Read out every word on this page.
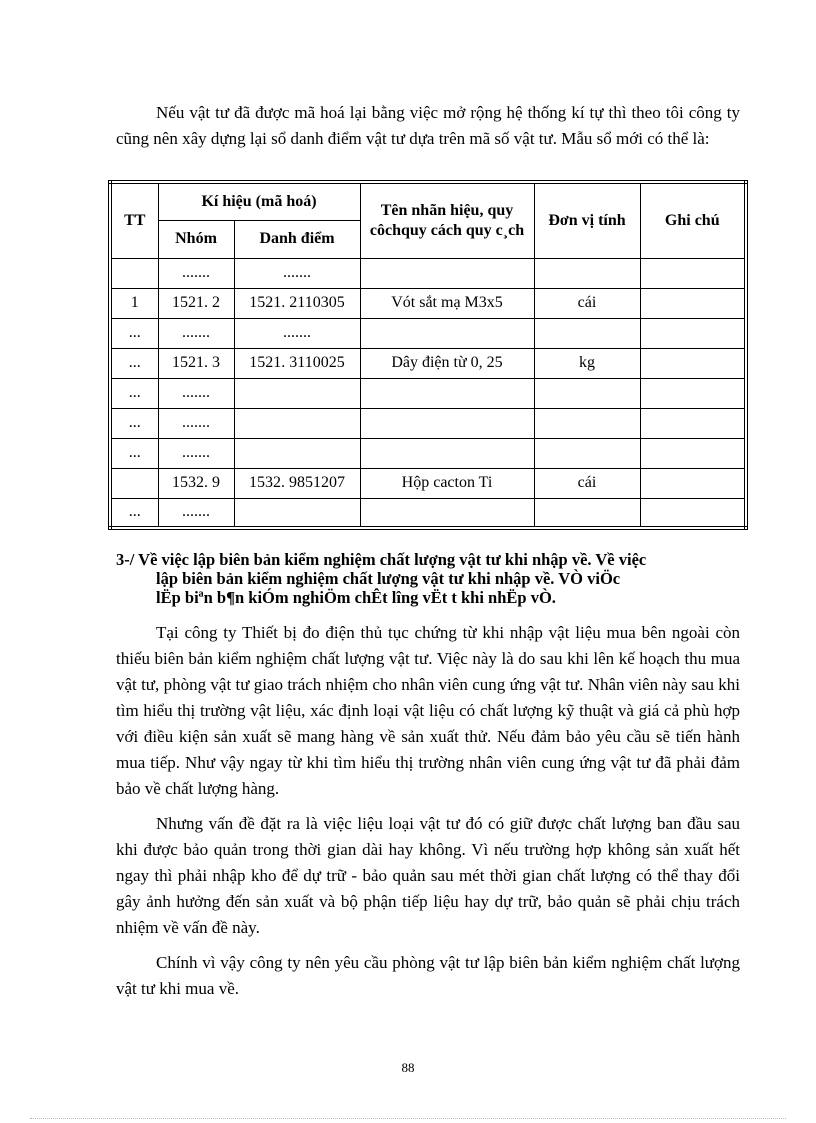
Nếu vật tư đã được mã hoá lại bằng việc mở rộng hệ thống kí tự thì theo tôi công ty cũng nên xây dựng lại sổ danh điểm vật tư dựa trên mã số vật tư. Mẫu sổ mới có thể là:
TT	Kí hiệu (mã hoá)		Tên nhãn hiệu, quy côchquy cách quy c¸ch	Đơn vị tính	Ghi chú
	Nhóm	Danh điểm			
	.......	.......			
1	1521. 2	1521. 2110305	Vót sắt mạ M3x5	cái	
...	.......	.......			
...	1521. 3	1521. 3110025	Dây điện từ 0, 25	kg	
...	.......				
...	.......				
...	.......				
	1532. 9	1532. 9851207	Hộp cacton Ti	cái	
...	.......				
3-/ Về việc lập biên bản kiểm nghiệm chất lượng vật tư khi nhập về. Về việc
lập biên bản kiểm nghiệm chất lượng vật tư khi nhập về. VÒ viÖc
lËp biªn b¶n kiÓm nghiÖm chÊt lîng vËt t khi nhËp vÒ.

Tại công ty Thiết bị đo điện thủ tục chứng từ khi nhập vật liệu mua bên ngoài còn thiếu biên bản kiểm nghiệm chất lượng vật tư. Việc này là do sau khi lên kế hoạch thu mua vật tư, phòng vật tư giao trách nhiệm cho nhân viên cung ứng vật tư. Nhân viên này sau khi tìm hiểu thị trường vật liệu, xác định loại vật liệu có chất lượng kỹ thuật và giá cả phù hợp với điều kiện sản xuất sẽ mang hàng về sản xuất thử. Nếu đảm bảo yêu cầu sẽ tiến hành mua tiếp. Như vậy ngay từ khi tìm hiểu thị trường nhân viên cung ứng vật tư đã phải đảm bảo về chất lượng hàng.

Nhưng vấn đề đặt ra là việc liệu loại vật tư đó có giữ được chất lượng ban đầu sau khi được bảo quản trong thời gian dài hay không. Vì nếu trường hợp không sản xuất hết ngay thì phải nhập kho để dự trữ - bảo quản sau mét thời gian chất lượng có thể thay đổi gây ảnh hưởng đến sản xuất và bộ phận tiếp liệu hay dự trữ, bảo quản sẽ phải chịu trách nhiệm về vấn đề này.

Chính vì vậy công ty nên yêu cầu phòng vật tư lập biên bản kiểm nghiệm chất lượng vật tư khi mua về.

88
